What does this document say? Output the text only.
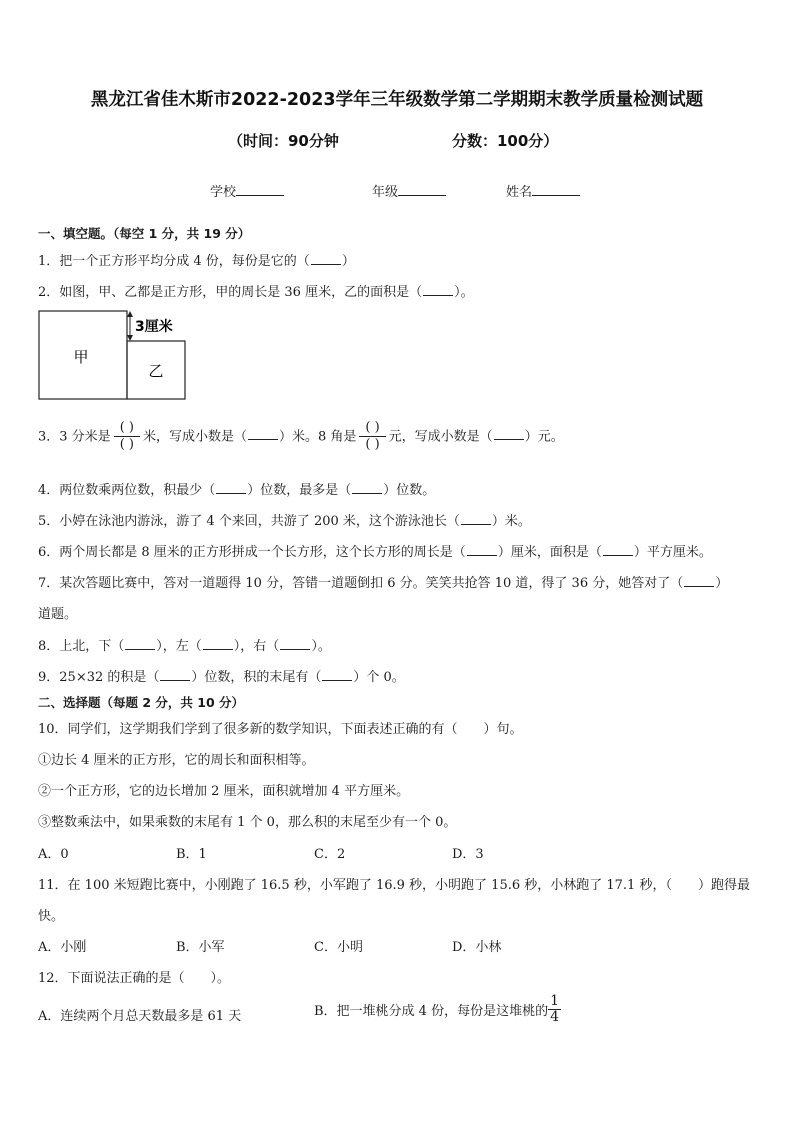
黑龙江省佳木斯市2022-2023学年三年级数学第二学期期末教学质量检测试题
（时间：90分钟	分数：100分）
学校	年级	姓名
一、填空题。（每空 1 分，共 19 分）
1．把一个正方形平均分成 4 份，每份是它的（ ）
2．如图，甲、乙都是正方形，甲的周长是 36 厘米，乙的面积是（ ）。
甲
乙
3厘米
3．3 分米是 $\frac{( )}{( )}$ 米，写成小数是（ ）米。8 角是 $\frac{( )}{( )}$ 元，写成小数是（ ）元。
4．两位数乘两位数，积最少（ ）位数，最多是（ ）位数。
5．小婷在泳池内游泳，游了 4 个来回，共游了 200 米，这个游泳池长（ ）米。
6．两个周长都是 8 厘米的正方形拼成一个长方形，这个长方形的周长是（ ）厘米，面积是（ ）平方厘米。
7．某次答题比赛中，答对一道题得 10 分，答错一道题倒扣 6 分。笑笑共抢答 10 道，得了 36 分，她答对了（ ）
道题。
8．上北，下（ ），左（ ），右（ ）。
9．25×32 的积是（ ）位数，积的末尾有（ ）个 0。
二、选择题（每题 2 分，共 10 分）
10．同学们，这学期我们学到了很多新的数学知识，下面表述正确的有（　　）句。
①边长 4 厘米的正方形，它的周长和面积相等。
②一个正方形，它的边长增加 2 厘米，面积就增加 4 平方厘米。
③整数乘法中，如果乘数的末尾有 1 个 0，那么积的末尾至少有一个 0。
A．0	B．1	C．2	D．3
11．在 100 米短跑比赛中，小刚跑了 16.5 秒，小军跑了 16.9 秒，小明跑了 15.6 秒，小林跑了 17.1 秒，（　　）跑得最
快。
A．小刚	B．小军	C．小明	D．小林
12．下面说法正确的是（　　）。
A．连续两个月总天数最多是 61 天	B．把一堆桃分成 4 份，每份是这堆桃的 $\frac{1}{4}$
